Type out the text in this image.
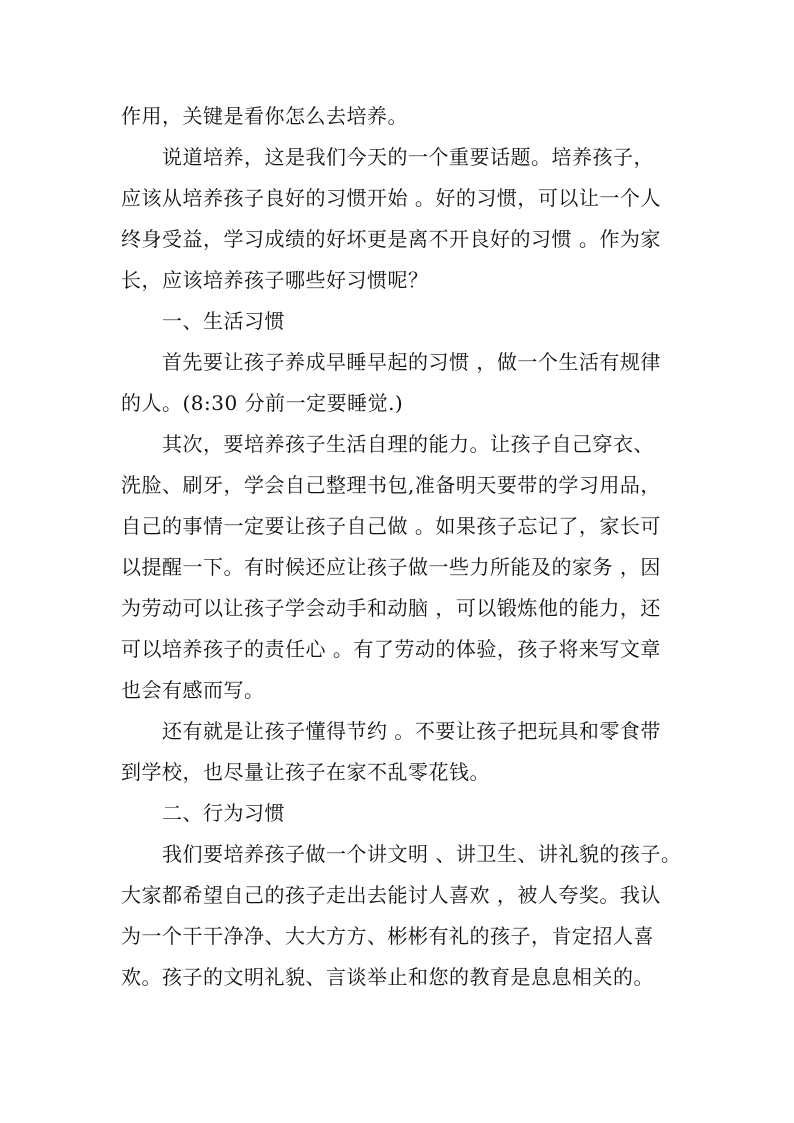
作用，关键是看你怎么去培养。

说道培养，这是我们今天的一个重要话题。培养孩子，
应该从培养孩子良好的习惯开始 。好的习惯，可以让一个人
终身受益，学习成绩的好坏更是离不开良好的习惯 。作为家
长，应该培养孩子哪些好习惯呢？

一、生活习惯

首先要让孩子养成早睡早起的习惯 ，做一个生活有规律
的人。(8:30 分前一定要睡觉.)

其次，要培养孩子生活自理的能力。让孩子自己穿衣、
洗脸、刷牙，学会自己整理书包,准备明天要带的学习用品，
自己的事情一定要让孩子自己做 。如果孩子忘记了，家长可
以提醒一下。有时候还应让孩子做一些力所能及的家务 ，因
为劳动可以让孩子学会动手和动脑 ，可以锻炼他的能力，还
可以培养孩子的责任心 。有了劳动的体验，孩子将来写文章
也会有感而写。

还有就是让孩子懂得节约 。不要让孩子把玩具和零食带
到学校，也尽量让孩子在家不乱零花钱。

二、行为习惯

我们要培养孩子做一个讲文明 、讲卫生、讲礼貌的孩子。
大家都希望自己的孩子走出去能讨人喜欢 ，被人夸奖。我认
为一个干干净净、大大方方、彬彬有礼的孩子，肯定招人喜
欢。孩子的文明礼貌、言谈举止和您的教育是息息相关的。
